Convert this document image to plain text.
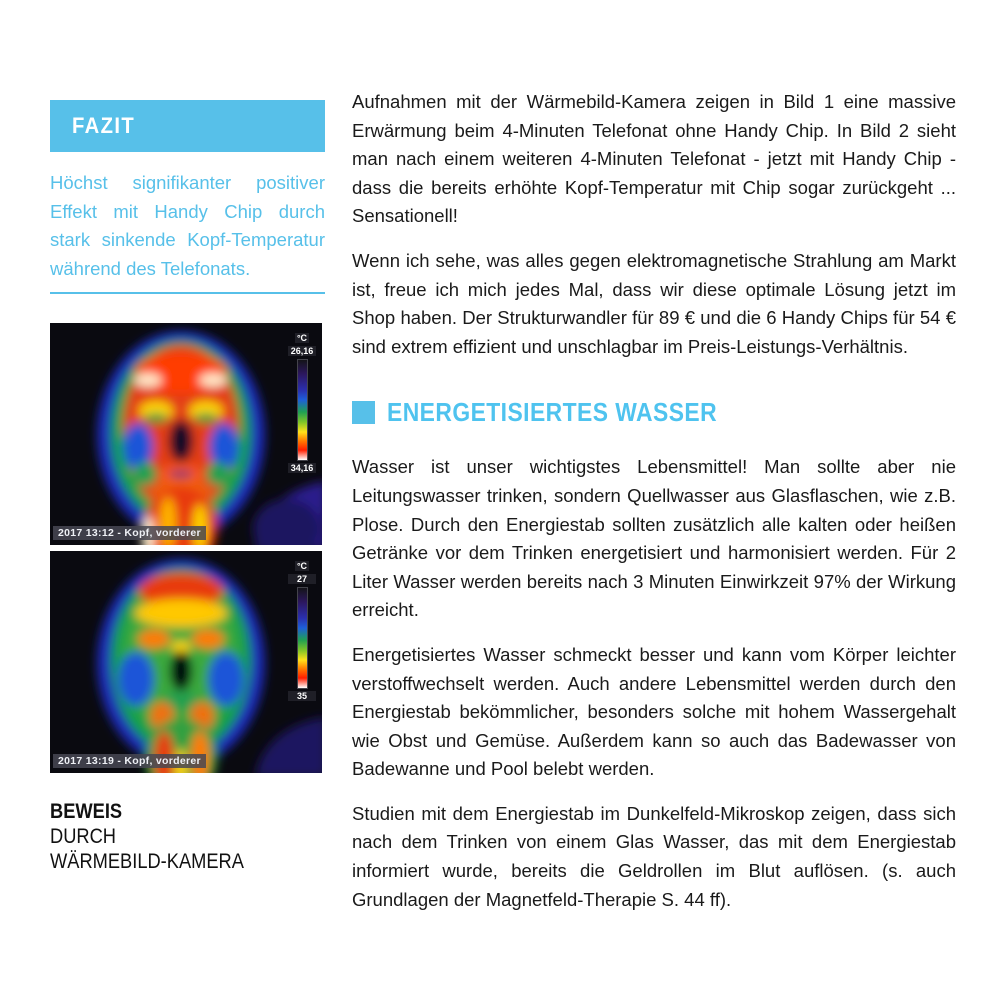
FAZIT

Höchst signifikanter positiver Effekt mit Handy Chip durch stark sinkende Kopf-Temperatur während des Telefonats.

°C
26,16
34,16
2017 13:12 - Kopf, vorderer
°C
27
35
2017 13:19 - Kopf, vorderer
BEWEIS
DURCH
WÄRMEBILD-KAMERA

Aufnahmen mit der Wärmebild-Kamera zeigen in Bild 1 eine massive Erwärmung beim 4-Minuten Telefonat ohne Handy Chip. In Bild 2 sieht man nach einem weiteren 4-Minuten Telefonat - jetzt mit Handy Chip - dass die bereits erhöhte Kopf-Temperatur mit Chip sogar zurückgeht ... Sensationell!

Wenn ich sehe, was alles gegen elektromagnetische Strahlung am Markt ist, freue ich mich jedes Mal, dass wir diese optimale Lösung jetzt im Shop haben. Der Strukturwandler für 89 € und die 6 Handy Chips für 54 € sind extrem effizient und unschlagbar im Preis-Leistungs-Verhältnis.

ENERGETISIERTES WASSER

Wasser ist unser wichtigstes Lebensmittel! Man sollte aber nie Leitungswasser trinken, sondern Quellwasser aus Glasflaschen, wie z.B. Plose. Durch den Energiestab sollten zusätzlich alle kalten oder heißen Getränke vor dem Trinken energetisiert und harmonisiert werden. Für 2 Liter Wasser werden bereits nach 3 Minuten Einwirkzeit 97% der Wirkung erreicht.

Energetisiertes Wasser schmeckt besser und kann vom Körper leichter verstoffwechselt werden. Auch andere Lebensmittel werden durch den Energiestab bekömmlicher, besonders solche mit hohem Wassergehalt wie Obst und Gemüse. Außerdem kann so auch das Badewasser von Badewanne und Pool belebt werden.

Studien mit dem Energiestab im Dunkelfeld-Mikroskop zeigen, dass sich nach dem Trinken von einem Glas Wasser, das mit dem Energiestab informiert wurde, bereits die Geldrollen im Blut auflösen. (s. auch Grundlagen der Magnetfeld-Therapie S. 44 ff).
